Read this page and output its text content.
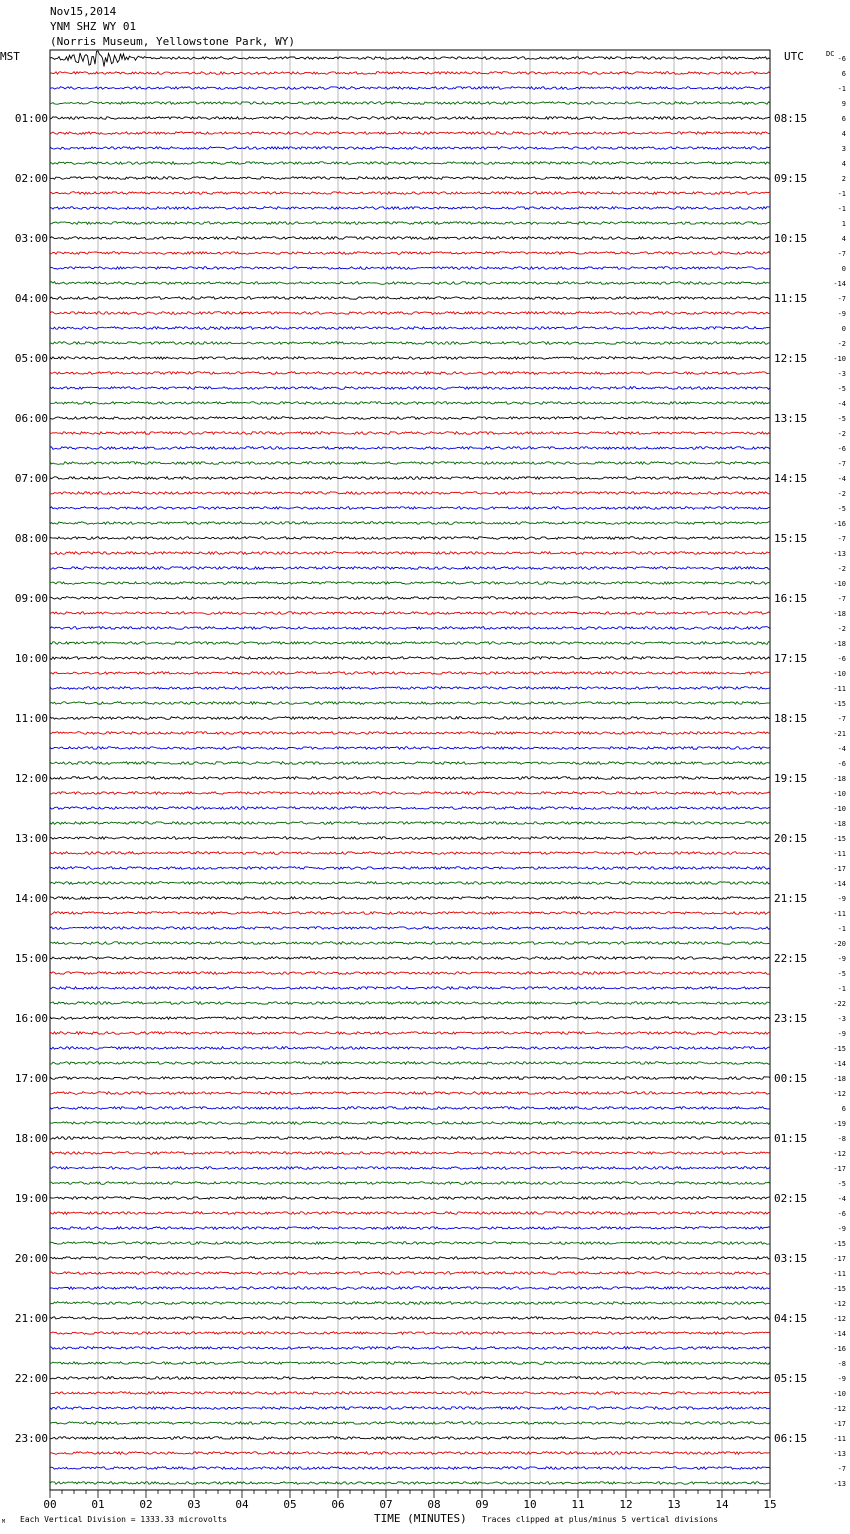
Nov15,2014
YNM SHZ WY 01
(Norris Museum, Yellowstone Park, WY)
-6
6
-1
9
6
4
3
4
2
-1
-1
1
4
-7
0
-14
-7
-9
0
-2
-10
-3
-5
-4
-5
-2
-6
-7
-4
-2
-5
-16
-7
-13
-2
-10
-7
-18
-2
-18
-6
-10
-11
-15
-7
-21
-4
-6
-18
-10
-10
-18
-15
-11
-17
-14
-9
-11
-1
-20
-9
-5
-1
-22
-3
-9
-15
-14
-18
-12
6
-19
-8
-12
-17
-5
-4
-6
-9
-15
-17
-11
-15
-12
-12
-14
-16
-8
-9
-10
-12
-17
-11
-13
-7
-13
01:00
02:00
03:00
04:00
05:00
06:00
07:00
08:00
09:00
10:00
11:00
12:00
13:00
14:00
15:00
16:00
17:00
18:00
19:00
20:00
21:00
22:00
23:00
08:15
09:15
10:15
11:15
12:15
13:15
14:15
15:15
16:15
17:15
18:15
19:15
20:15
21:15
22:15
23:15
00:15
01:15
02:15
03:15
04:15
05:15
06:15
00	01	02	03	04	05	06	07	08	09	10	11	12	13	14	15
MST	UTC	DC
M Each Vertical Division = 1333.33 microvolts	TIME (MINUTES) Traces clipped at plus/minus 5 vertical divisions
